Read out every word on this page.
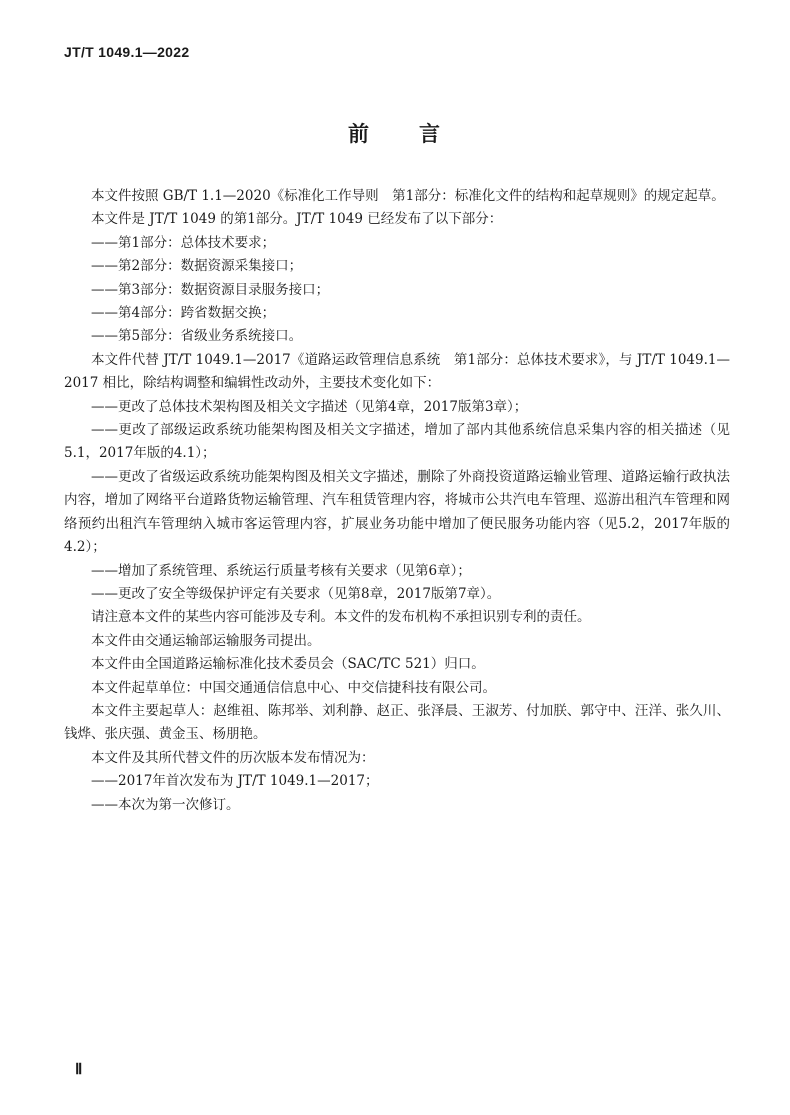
JT/T 1049.1—2022
前 言

本文件按照 GB/T 1.1—2020《标准化工作导则　第1部分：标准化文件的结构和起草规则》的规定起草。

本文件是 JT/T 1049 的第1部分。JT/T 1049 已经发布了以下部分：

——第1部分：总体技术要求；

——第2部分：数据资源采集接口；

——第3部分：数据资源目录服务接口；

——第4部分：跨省数据交换；

——第5部分：省级业务系统接口。

本文件代替 JT/T 1049.1—2017《道路运政管理信息系统　第1部分：总体技术要求》，与 JT/T 1049.1—2017 相比，除结构调整和编辑性改动外，主要技术变化如下：

——更改了总体技术架构图及相关文字描述（见第4章，2017版第3章）；

——更改了部级运政系统功能架构图及相关文字描述，增加了部内其他系统信息采集内容的相关描述（见5.1，2017年版的4.1）；

——更改了省级运政系统功能架构图及相关文字描述，删除了外商投资道路运输业管理、道路运输行政执法内容，增加了网络平台道路货物运输管理、汽车租赁管理内容，将城市公共汽电车管理、巡游出租汽车管理和网络预约出租汽车管理纳入城市客运管理内容，扩展业务功能中增加了便民服务功能内容（见5.2，2017年版的4.2）；

——增加了系统管理、系统运行质量考核有关要求（见第6章）；

——更改了安全等级保护评定有关要求（见第8章，2017版第7章）。

请注意本文件的某些内容可能涉及专利。本文件的发布机构不承担识别专利的责任。

本文件由交通运输部运输服务司提出。

本文件由全国道路运输标准化技术委员会（SAC/TC 521）归口。

本文件起草单位：中国交通通信信息中心、中交信捷科技有限公司。

本文件主要起草人：赵维祖、陈邦举、刘利静、赵正、张泽晨、王淑芳、付加朕、郭守中、汪洋、张久川、钱烨、张庆强、黄金玉、杨朋艳。

本文件及其所代替文件的历次版本发布情况为：

——2017年首次发布为 JT/T 1049.1—2017；

——本次为第一次修订。

Ⅱ
